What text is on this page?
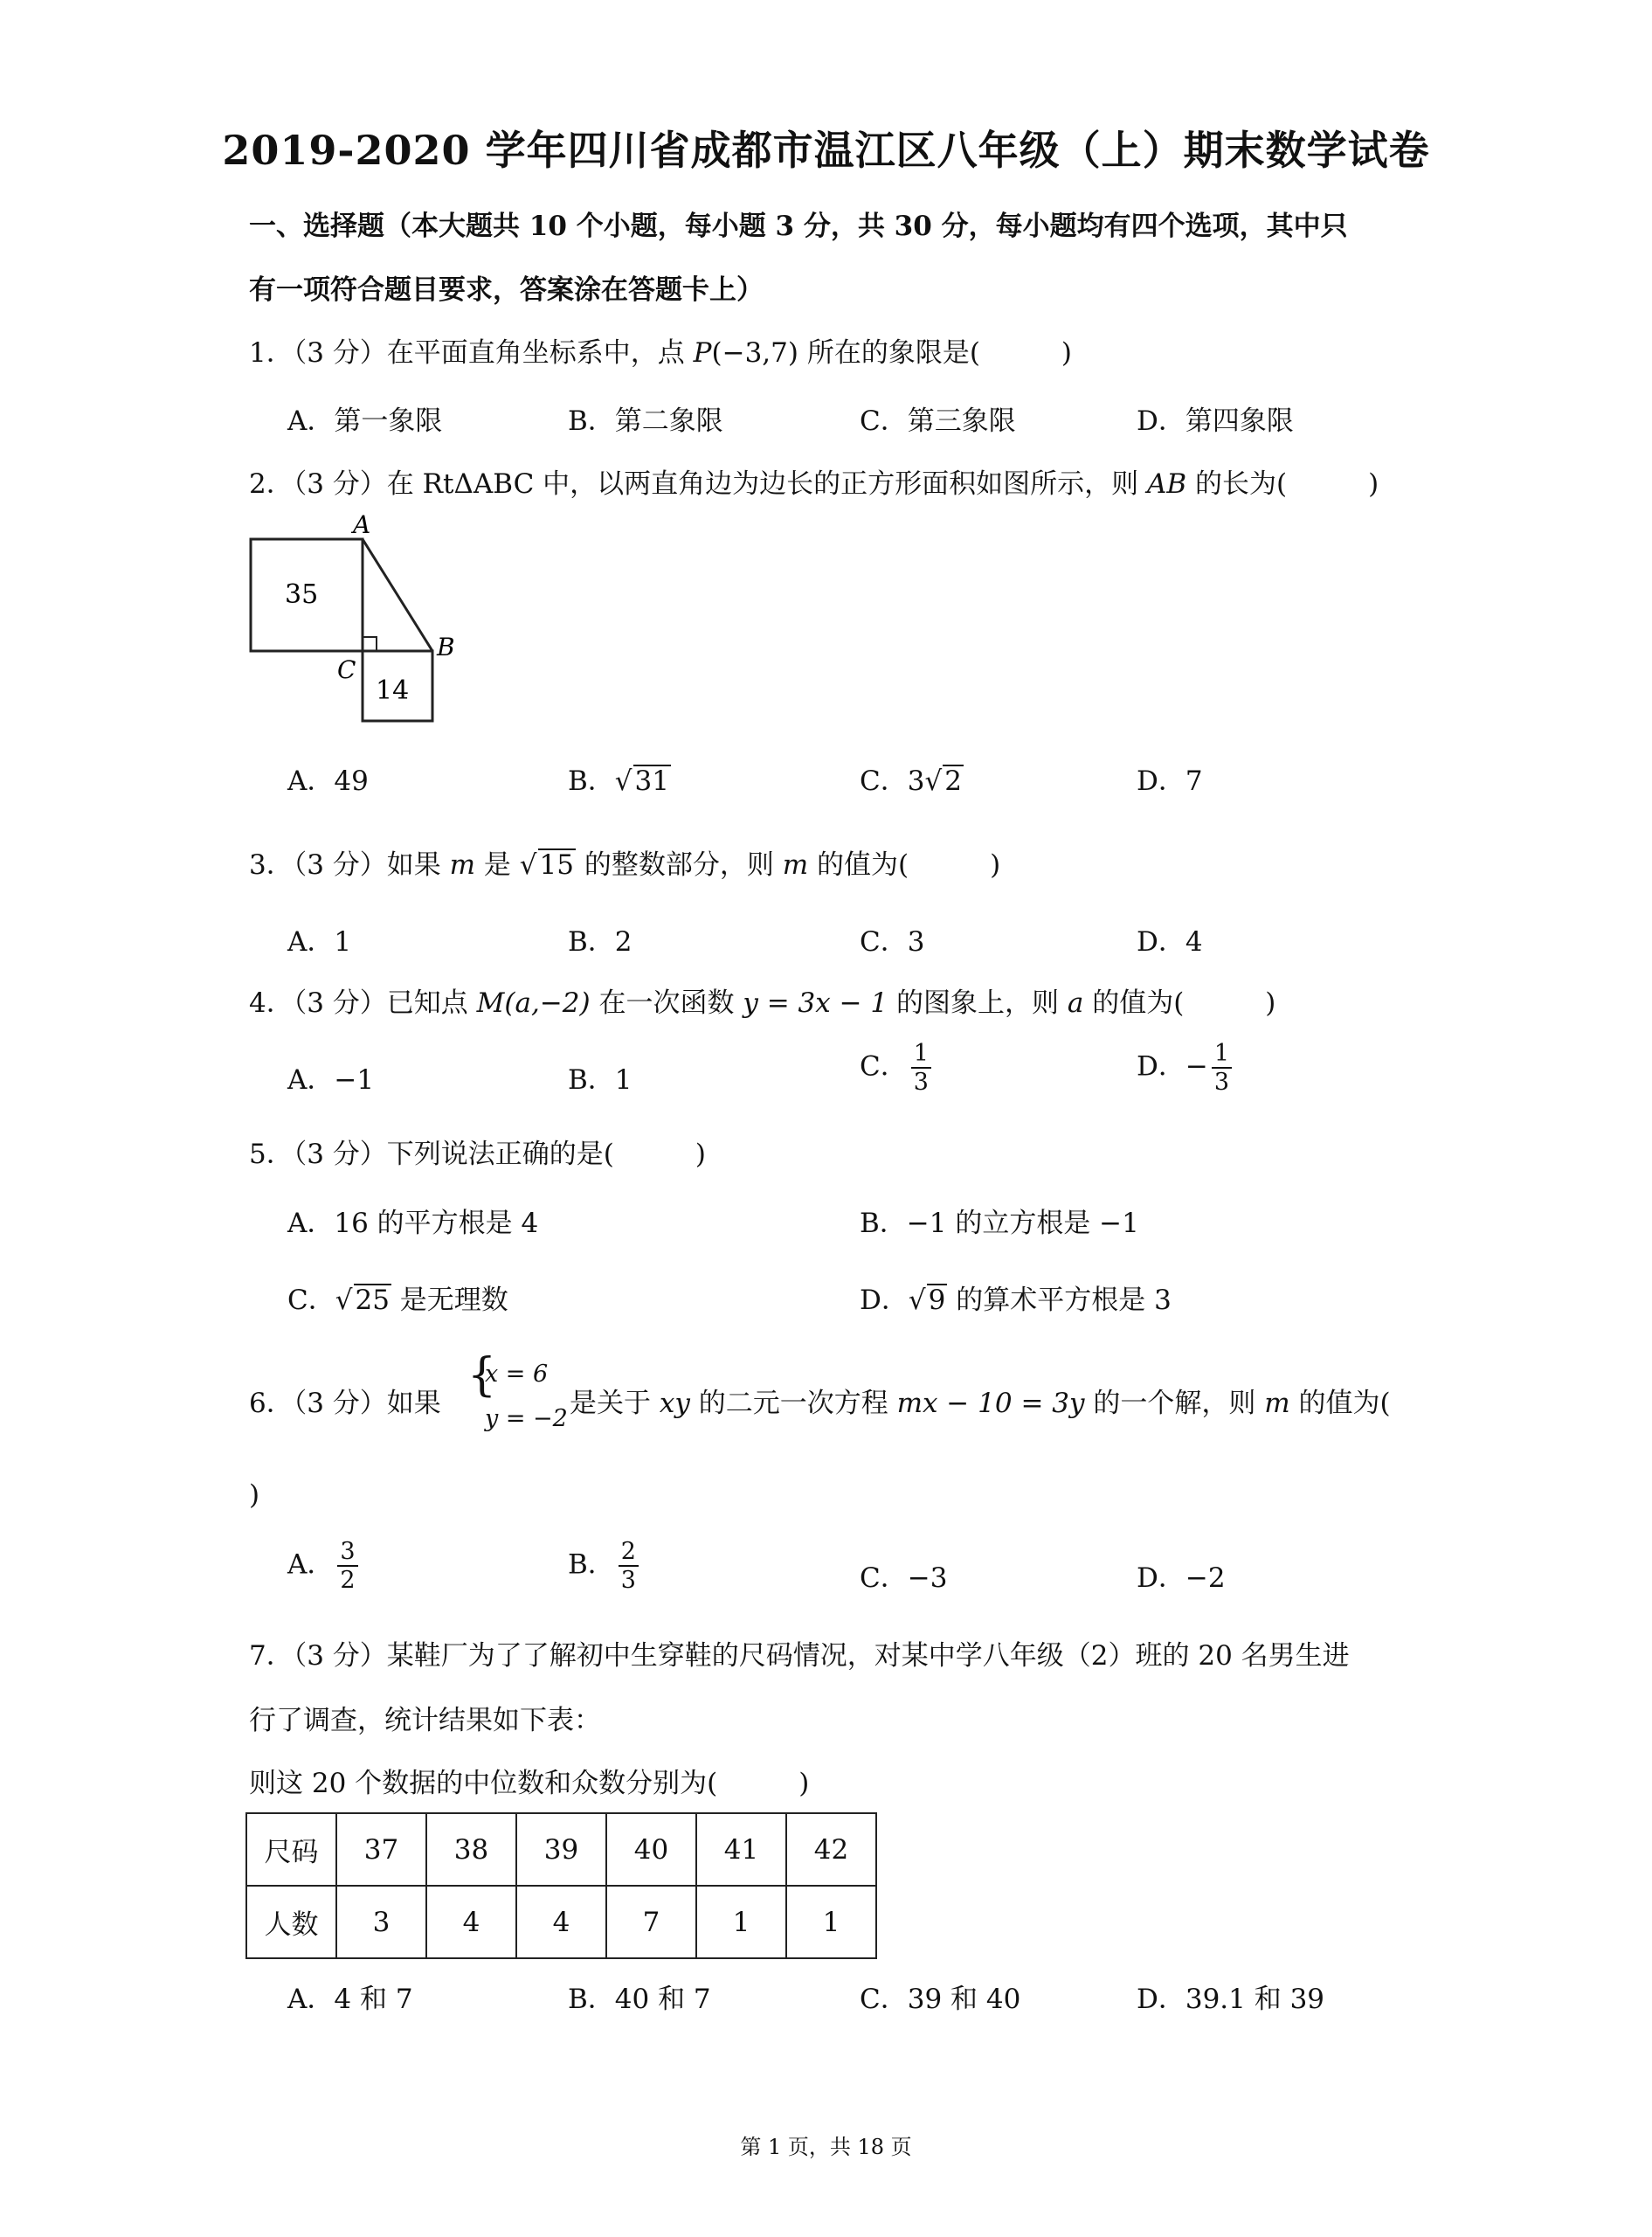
2019-2020 学年四川省成都市温江区八年级（上）期末数学试卷
一、选择题（本大题共 10 个小题，每小题 3 分，共 30 分，每小题均有四个选项，其中只
有一项符合题目要求，答案涂在答题卡上）
1．（3 分）在平面直角坐标系中，点 P(−3,7) 所在的象限是(　　　)
A．第一象限	B．第二象限	C．第三象限	D．第四象限
2．（3 分）在 RtΔABC 中，以两直角边为边长的正方形面积如图所示，则 AB 的长为(　　　)
A
B
C
35
14
A．49	B．√31	C．3√2	D．7
3．（3 分）如果 m 是 √15 的整数部分，则 m 的值为(　　　)
A．1	B．2	C．3	D．4
4．（3 分）已知点 M(a,−2) 在一次函数 y = 3x − 1 的图象上，则 a 的值为(　　　)
A．−1	B．1	C． $\frac{1}{3}$	D．− $\frac{1}{3}$
5．（3 分）下列说法正确的是(　　　)
A．16 的平方根是 4	B．−1 的立方根是 −1
C．√25 是无理数	D．√9 的算术平方根是 3
6．（3 分）如果
{
x = 6
y = −2 是关于 xy 的二元一次方程 mx − 10 = 3y 的一个解，则 m 的值为(
)
A． $\frac{3}{2}$	B． $\frac{2}{3}$	C．−3	D．−2
7．（3 分）某鞋厂为了了解初中生穿鞋的尺码情况，对某中学八年级（2）班的 20 名男生进
行了调查，统计结果如下表：
则这 20 个数据的中位数和众数分别为(　　　)
尺码	37	38	39	40	41	42
人数	3	4	4	7	1	1
A．4 和 7	B．40 和 7	C．39 和 40	D．39.1 和 39
第 1 页，共 18 页
